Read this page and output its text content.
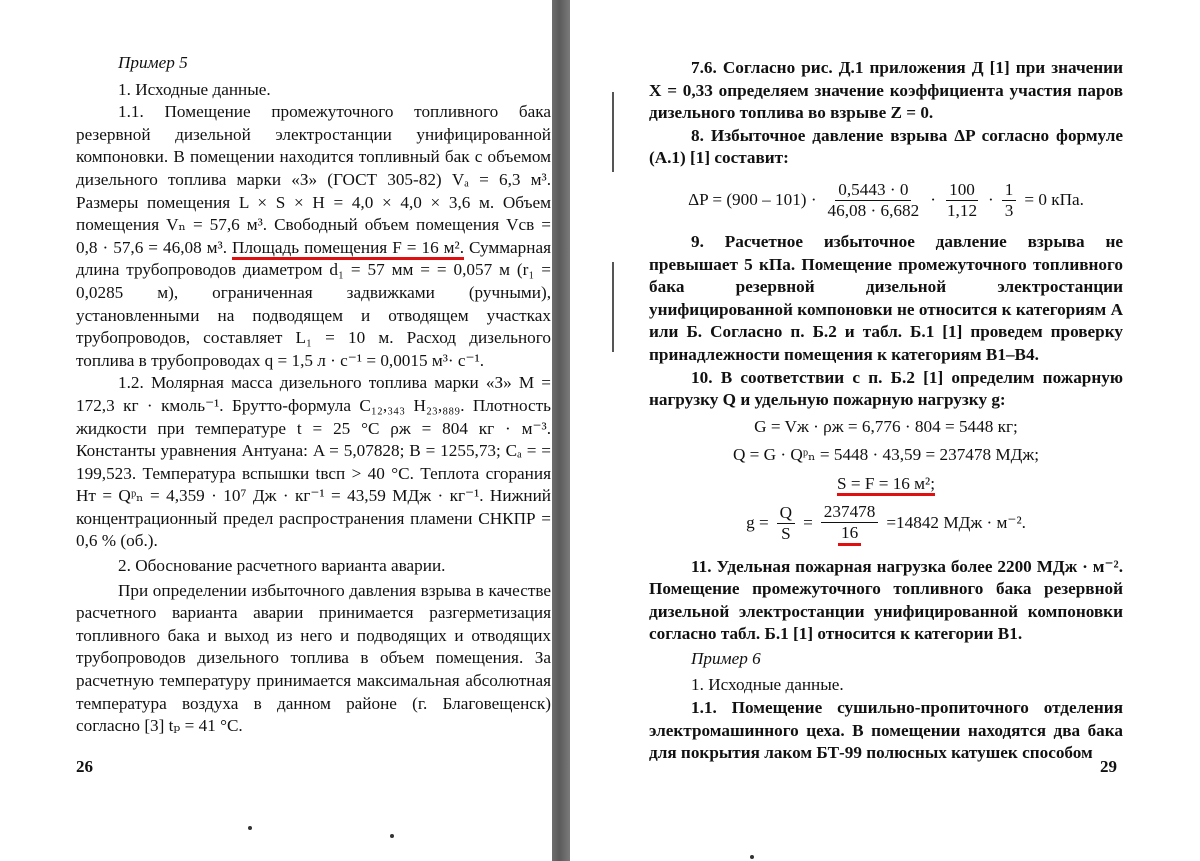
Пример 5

1. Исходные данные.

1.1. Помещение промежуточного топливного бака резервной дизельной электростанции унифицированной компоновки. В помещении находится топливный бак с объемом дизельного топлива марки «З» (ГОСТ 305-82) Vₐ = 6,3 м³. Размеры помещения L × S × H = 4,0 × 4,0 × 3,6 м. Объем помещения Vₙ = 57,6 м³. Свободный объем помещения Vсв = 0,8 · 57,6 = 46,08 м³. Площадь помещения F = 16 м². Суммарная длина трубопроводов диаметром d₁ = 57 мм = = 0,057 м (r₁ = 0,0285 м), ограниченная задвижками (ручными), установленными на подводящем и отводящем участках трубопроводов, составляет L₁ = 10 м. Расход дизельного топлива в трубопроводах q = 1,5 л · с⁻¹ = 0,0015 м³· с⁻¹.

1.2. Молярная масса дизельного топлива марки «З» M = 172,3 кг · кмоль⁻¹. Брутто-формула C₁₂,₃₄₃ H₂₃,₈₈₉. Плотность жидкости при температуре t = 25 °С ρж = 804 кг · м⁻³. Константы уравнения Антуана: A = 5,07828; B = 1255,73; Cₐ = = 199,523. Температура вспышки tвсп > 40 °С. Теплота сгорания Hт = Qᵖₙ = 4,359 · 10⁷ Дж · кг⁻¹ = 43,59 МДж · кг⁻¹. Нижний концентрационный предел распространения пламени CНКПР = 0,6 % (об.).

2. Обоснование расчетного варианта аварии.

При определении избыточного давления взрыва в качестве расчетного варианта аварии принимается разгерметизация топливного бака и выход из него и подводящих и отводящих трубопроводов дизельного топлива в объем помещения. За расчетную температуру принимается максимальная абсолютная температура воздуха в данном районе (г. Благовещенск) согласно [3] tₚ = 41 °С.

26

7.6. Согласно рис. Д.1 приложения Д [1] при значении X = 0,33 определяем значение коэффициента участия паров дизельного топлива во взрыве Z = 0.

8. Избыточное давление взрыва ΔP согласно формуле (А.1) [1] составит:

$\Delta P = (900 - 101) \cdot \frac{0,5443 \cdot 0}{46,08 \cdot 6,682} \cdot \frac{100}{1,12} \cdot \frac{1}{3} = 0$ кПа.

9. Расчетное избыточное давление взрыва не превышает 5 кПа. Помещение промежуточного топливного бака резервной дизельной электростанции унифицированной компоновки не относится к категориям А или Б. Согласно п. Б.2 и табл. Б.1 [1] проведем проверку принадлежности помещения к категориям В1–В4.

10. В соответствии с п. Б.2 [1] определим пожарную нагрузку Q и удельную пожарную нагрузку g:

G = Vж · ρж = 6,776 · 804 = 5448 кг;

Q = G · Qᵖₙ = 5448 · 43,59 = 237478 МДж;

S = F = 16 м²;

$g = \frac{Q}{S} = \frac{237478}{16} =14842$ МДж · м⁻².

11. Удельная пожарная нагрузка более 2200 МДж · м⁻². Помещение промежуточного топливного бака резервной дизельной электростанции унифицированной компоновки согласно табл. Б.1 [1] относится к категории В1.

Пример 6

1. Исходные данные.

1.1. Помещение сушильно-пропиточного отделения электромашинного цеха. В помещении находятся два бака для покрытия лаком БТ-99 полюсных катушек способом

29
